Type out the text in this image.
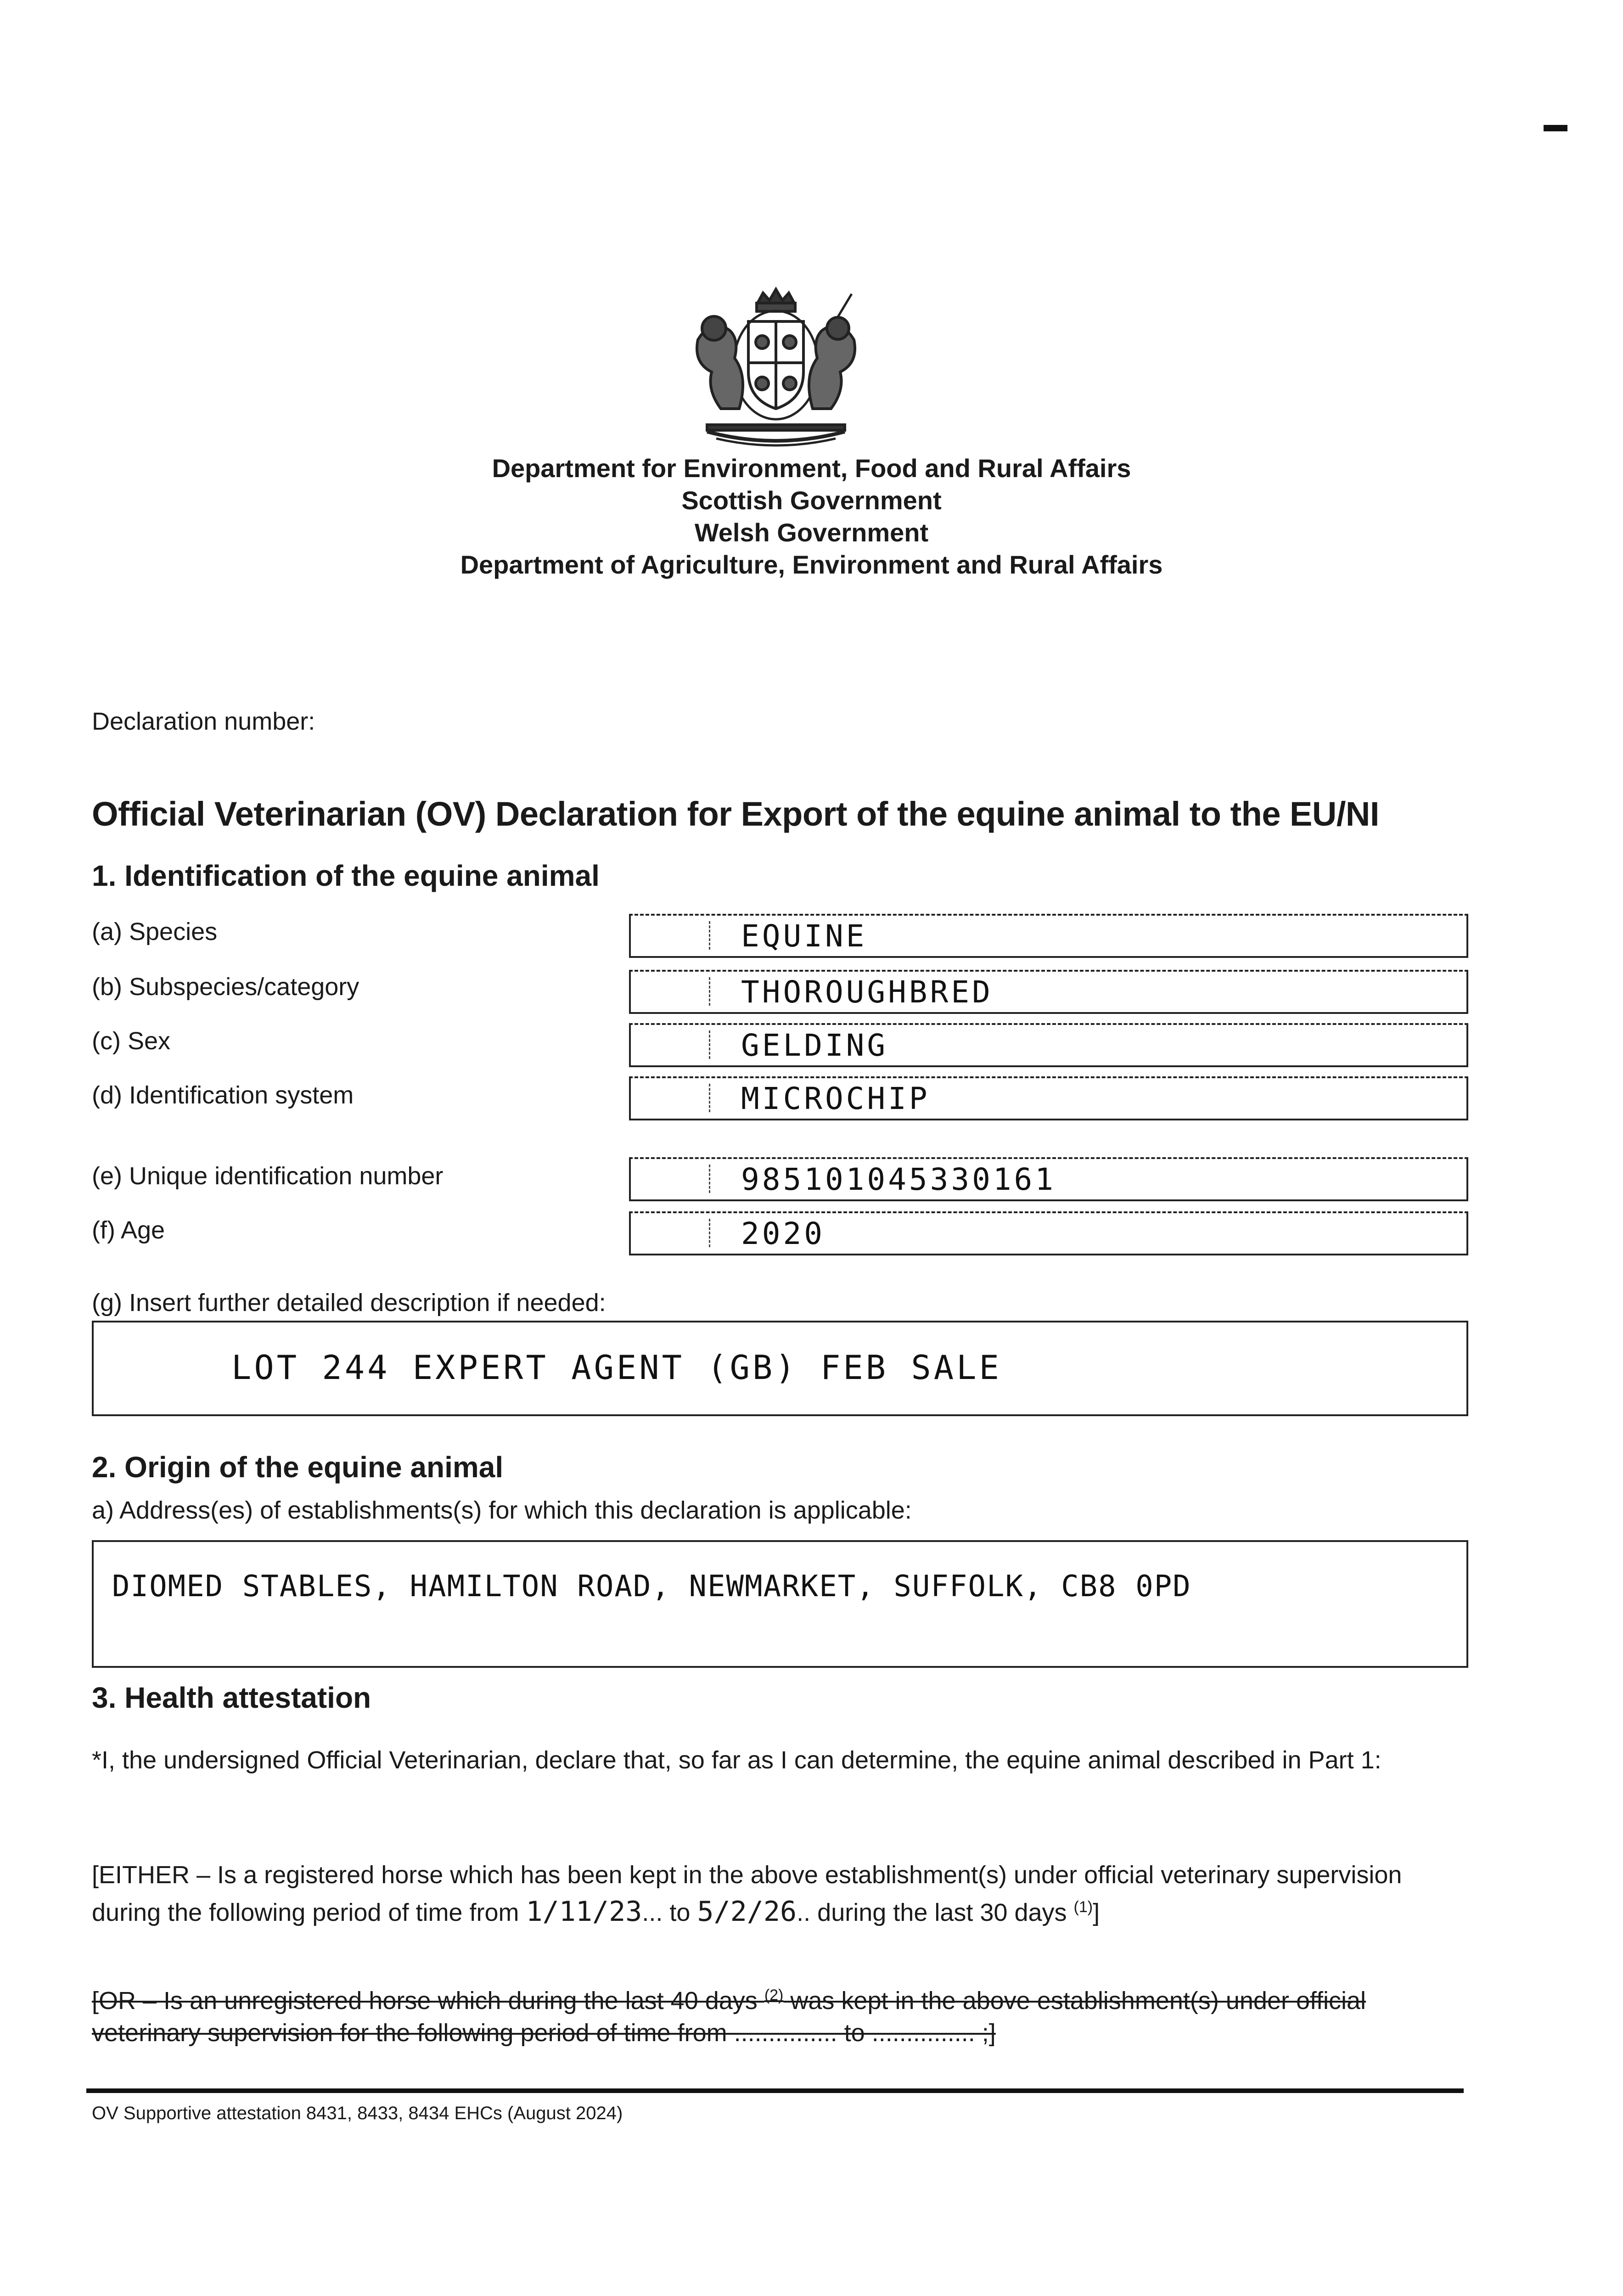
Department for Environment, Food and Rural Affairs
Scottish Government
Welsh Government
Department of Agriculture, Environment and Rural Affairs
Declaration number:
Official Veterinarian (OV) Declaration for Export of the equine animal to the EU/NI
1. Identification of the equine animal
(a) Species	EQUINE
(b) Subspecies/category	THOROUGHBRED
(c) Sex	GELDING
(d) Identification system	MICROCHIP
(e) Unique identification number	985101045330161
(f) Age	2020
(g) Insert further detailed description if needed:
LOT 244 EXPERT AGENT (GB) FEB SALE
2. Origin of the equine animal
a) Address(es) of establishments(s) for which this declaration is applicable:
DIOMED STABLES, HAMILTON ROAD, NEWMARKET, SUFFOLK, CB8 0PD
3. Health attestation
*I, the undersigned Official Veterinarian, declare that, so far as I can determine, the equine animal described in Part 1:
[EITHER – Is a registered horse which has been kept in the above establishment(s) under official veterinary supervision during the following period of time from 1/11/23... to 5/2/26.. during the last 30 days $^{(1)}$]
[OR – Is an unregistered horse which during the last 40 days $^{(2)}$ was kept in the above establishment(s) under official veterinary supervision for the following period of time from ............... to ............... ;]
OV Supportive attestation 8431, 8433, 8434 EHCs (August 2024)
